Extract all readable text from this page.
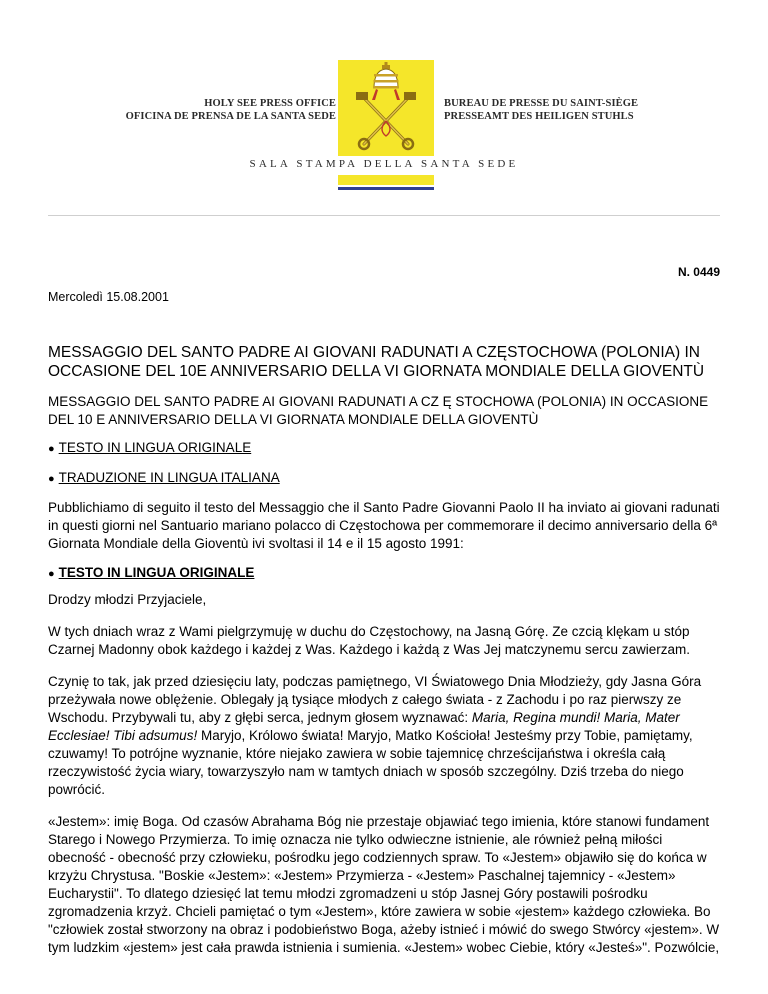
HOLY SEE PRESS OFFICE
OFICINA DE PRENSA DE LA SANTA SEDE
BUREAU DE PRESSE DU SAINT-SIÈGE
PRESSEAMT DES HEILIGEN STUHLS
SALA STAMPA DELLA SANTA SEDE
N. 0449
Mercoledì 15.08.2001
MESSAGGIO DEL SANTO PADRE AI GIOVANI RADUNATI A CZĘSTOCHOWA (POLONIA) IN OCCASIONE DEL 10E ANNIVERSARIO DELLA VI GIORNATA MONDIALE DELLA GIOVENTÙ

MESSAGGIO DEL SANTO PADRE AI GIOVANI RADUNATI A CZ Ę STOCHOWA (POLONIA) IN OCCASIONE DEL 10 E ANNIVERSARIO DELLA VI GIORNATA MONDIALE DELLA GIOVENTÙ

● TESTO IN LINGUA ORIGINALE

● TRADUZIONE IN LINGUA ITALIANA

Pubblichiamo di seguito il testo del Messaggio che il Santo Padre Giovanni Paolo II ha inviato ai giovani radunati in questi giorni nel Santuario mariano polacco di Częstochowa per commemorare il decimo anniversario della 6ª Giornata Mondiale della Gioventù ivi svoltasi il 14 e il 15 agosto 1991:

● TESTO IN LINGUA ORIGINALE

Drodzy młodzi Przyjaciele,

W tych dniach wraz z Wami pielgrzymuję w duchu do Częstochowy, na Jasną Górę. Ze czcią klękam u stóp Czarnej Madonny obok każdego i każdej z Was. Każdego i każdą z Was Jej matczynemu sercu zawierzam.

Czynię to tak, jak przed dziesięciu laty, podczas pamiętnego, VI Światowego Dnia Młodzieży, gdy Jasna Góra przeżywała nowe oblężenie. Oblegały ją tysiące młodych z całego świata - z Zachodu i po raz pierwszy ze Wschodu. Przybywali tu, aby z głębi serca, jednym głosem wyznawać: Maria, Regina mundi! Maria, Mater Ecclesiae! Tibi adsumus! Maryjo, Królowo świata! Maryjo, Matko Kościoła! Jesteśmy przy Tobie, pamiętamy, czuwamy! To potrójne wyznanie, które niejako zawiera w sobie tajemnicę chrześcijaństwa i określa całą rzeczywistość życia wiary, towarzyszyło nam w tamtych dniach w sposób szczególny. Dziś trzeba do niego powrócić.

«Jestem»: imię Boga. Od czasów Abrahama Bóg nie przestaje objawiać tego imienia, które stanowi fundament Starego i Nowego Przymierza. To imię oznacza nie tylko odwieczne istnienie, ale również pełną miłości obecność - obecność przy człowieku, pośrodku jego codziennych spraw. To «Jestem» objawiło się do końca w krzyżu Chrystusa. "Boskie «Jestem»: «Jestem» Przymierza - «Jestem» Paschalnej tajemnicy - «Jestem» Eucharystii". To dlatego dziesięć lat temu młodzi zgromadzeni u stóp Jasnej Góry postawili pośrodku zgromadzenia krzyż. Chcieli pamiętać o tym «Jestem», które zawiera w sobie «jestem» każdego człowieka. Bo "człowiek został stworzony na obraz i podobieństwo Boga, ażeby istnieć i mówić do swego Stwórcy «jestem». W tym ludzkim «jestem» jest cała prawda istnienia i sumienia. «Jestem» wobec Ciebie, który «Jesteś»". Pozwólcie,
